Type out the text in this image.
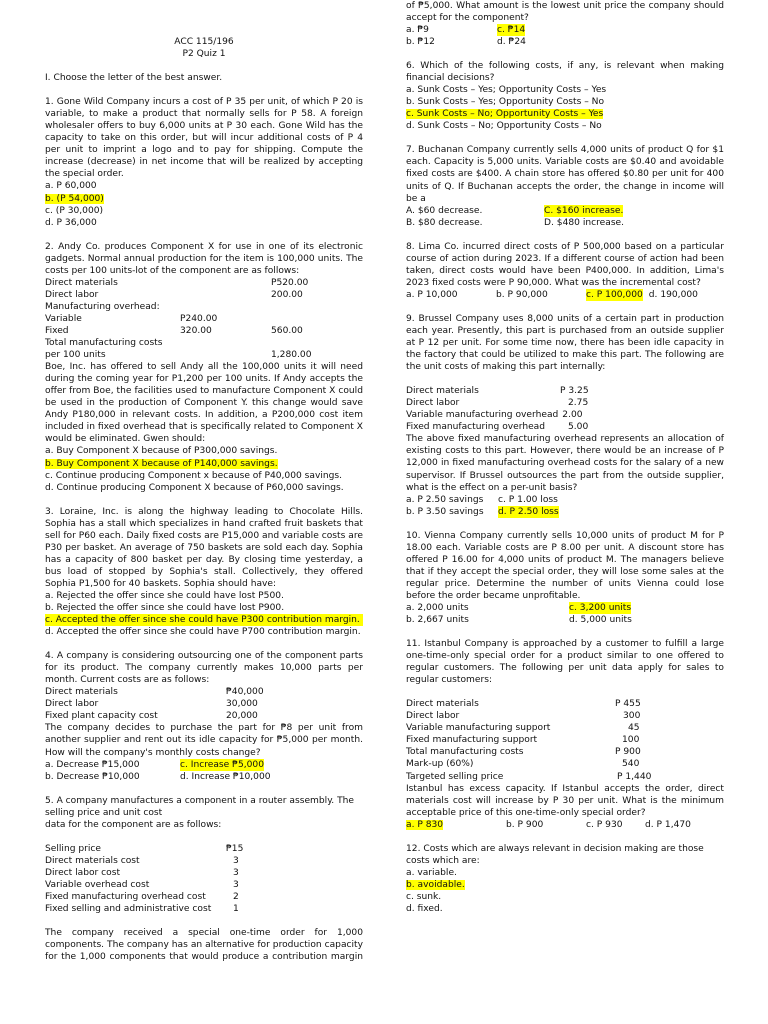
ACC 115/196

P2 Quiz 1

I. Choose the letter of the best answer.

1. Gone Wild Company incurs a cost of P 35 per unit, of which P 20 is variable, to make a product that normally sells for P 58. A foreign wholesaler offers to buy 6,000 units at P 30 each. Gone Wild has the capacity to take on this order, but will incur additional costs of P 4 per unit to imprint a logo and to pay for shipping. Compute the increase (decrease) in net income that will be realized by accepting the special order.

a. P 60,000

b. (P 54,000)

c. (P 30,000)

d. P 36,000

2. Andy Co. produces Component X for use in one of its electronic gadgets. Normal annual production for the item is 100,000 units. The costs per 100 units-lot of the component are as follows:

Direct materials	P520.00
Direct labor	200.00

Manufacturing overhead:

Variable	P240.00
Fixed	320.00	560.00

Total manufacturing costs

per 100 units	1,280.00

Boe, Inc. has offered to sell Andy all the 100,000 units it will need during the coming year for P1,200 per 100 units. If Andy accepts the offer from Boe, the facilities used to manufacture Component X could be used in the production of Component Y. this change would save Andy P180,000 in relevant costs. In addition, a P200,000 cost item included in fixed overhead that is specifically related to Component X would be eliminated. Gwen should:

a. Buy Component X because of P300,000 savings.

b. Buy Component X because of P140,000 savings.

c. Continue producing Component x because of P40,000 savings.

d. Continue producing Component X because of P60,000 savings.

3. Loraine, Inc. is along the highway leading to Chocolate Hills. Sophia has a stall which specializes in hand crafted fruit baskets that sell for P60 each. Daily fixed costs are P15,000 and variable costs are P30 per basket. An average of 750 baskets are sold each day. Sophia has a capacity of 800 basket per day. By closing time yesterday, a bus load of stopped by Sophia's stall. Collectively, they offered Sophia P1,500 for 40 baskets. Sophia should have:

a. Rejected the offer since she could have lost P500.

b. Rejected the offer since she could have lost P900.

c. Accepted the offer since she could have P300 contribution margin.

d. Accepted the offer since she could have P700 contribution margin.

4. A company is considering outsourcing one of the component parts for its product. The company currently makes 10,000 parts per month. Current costs are as follows:

Direct materials	₱40,000
Direct labor	30,000
Fixed plant capacity cost	20,000

The company decides to purchase the part for ₱8 per unit from another supplier and rent out its idle capacity for ₱5,000 per month. How will the company's monthly costs change?

a. Decrease ₱15,000	c. Increase ₱5,000
b. Decrease ₱10,000	d. Increase ₱10,000

5. A company manufactures a component in a router assembly. The selling price and unit cost

data for the component are as follows:

Selling price	₱15
Direct materials cost	3
Direct labor cost	3
Variable overhead cost	3
Fixed manufacturing overhead cost	2
Fixed selling and administrative cost	1

The company received a special one-time order for 1,000 components. The company has an alternative for production capacity for the 1,000 components that would produce a contribution margin

of ₱5,000. What amount is the lowest unit price the company should accept for the component?

a. ₱9	c. ₱14
b. ₱12	d. ₱24

6. Which of the following costs, if any, is relevant when making financial decisions?

a. Sunk Costs – Yes; Opportunity Costs – Yes

b. Sunk Costs – Yes; Opportunity Costs – No

c. Sunk Costs – No; Opportunity Costs – Yes

d. Sunk Costs – No; Opportunity Costs – No

7. Buchanan Company currently sells 4,000 units of product Q for $1 each. Capacity is 5,000 units. Variable costs are $0.40 and avoidable fixed costs are $400. A chain store has offered $0.80 per unit for 400 units of Q. If Buchanan accepts the order, the change in income will be a

A. $60 decrease.	C. $160 increase.
B. $80 decrease.	D. $480 increase.

8. Lima Co. incurred direct costs of P 500,000 based on a particular course of action during 2023. If a different course of action had been taken, direct costs would have been P400,000. In addition, Lima's 2023 fixed costs were P 90,000. What was the incremental cost?

a. P 10,000	b. P 90,000	c. P 100,000 d. 190,000

9. Brussel Company uses 8,000 units of a certain part in production each year. Presently, this part is purchased from an outside supplier at P 12 per unit. For some time now, there has been idle capacity in the factory that could be utilized to make this part. The following are the unit costs of making this part internally:

Direct materials	P 3.25
Direct labor	2.75
Variable manufacturing overhead 2.00
Fixed manufacturing overhead	5.00

The above fixed manufacturing overhead represents an allocation of existing costs to this part. However, there would be an increase of P 12,000 in fixed manufacturing overhead costs for the salary of a new supervisor. If Brussel outsources the part from the outside supplier, what is the effect on a per-unit basis?

a. P 2.50 savings	c. P 1.00 loss
b. P 3.50 savings	d. P 2.50 loss

10. Vienna Company currently sells 10,000 units of product M for P 18.00 each. Variable costs are P 8.00 per unit. A discount store has offered P 16.00 for 4,000 units of product M. The managers believe that if they accept the special order, they will lose some sales at the regular price. Determine the number of units Vienna could lose before the order became unprofitable.

a. 2,000 units	c. 3,200 units
b. 2,667 units	d. 5,000 units

11. Istanbul Company is approached by a customer to fulfill a large one-time-only special order for a product similar to one offered to regular customers. The following per unit data apply for sales to regular customers:

Direct materials	P 455
Direct labor	300
Variable manufacturing support	45
Fixed manufacturing support	100
Total manufacturing costs	P 900
Mark-up (60%)	540
Targeted selling price	P 1,440

Istanbul has excess capacity. If Istanbul accepts the order, direct materials cost will increase by P 30 per unit. What is the minimum acceptable price of this one-time-only special order?

a. P 830	b. P 900	c. P 930	d. P 1,470

12. Costs which are always relevant in decision making are those costs which are:

a. variable.

b. avoidable.

c. sunk.

d. fixed.
